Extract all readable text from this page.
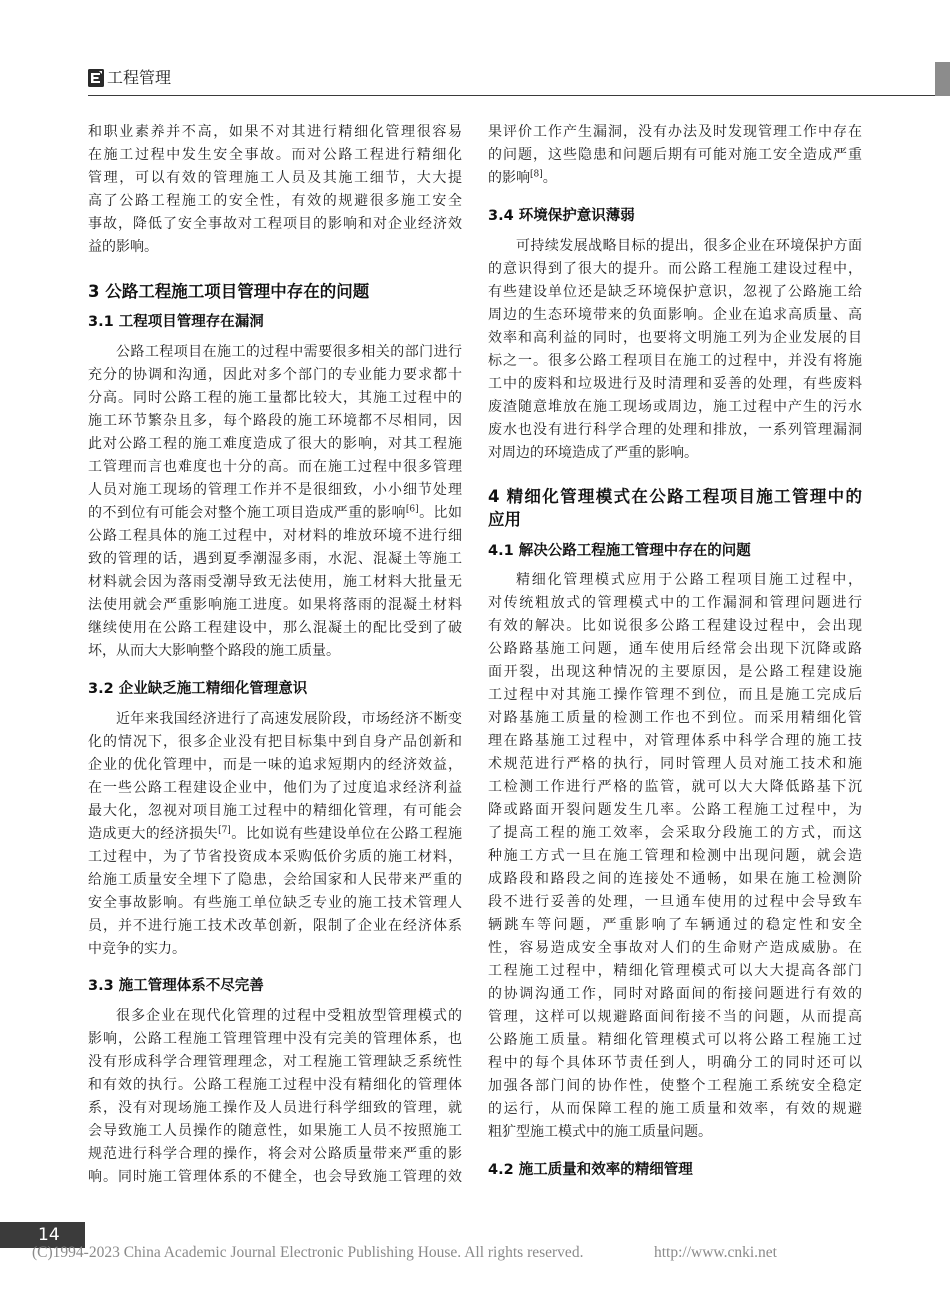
工程管理
和职业素养并不高，如果不对其进行精细化管理很容易
在施工过程中发生安全事故。而对公路工程进行精细化
管理，可以有效的管理施工人员及其施工细节，大大提
高了公路工程施工的安全性，有效的规避很多施工安全
事故，降低了安全事故对工程项目的影响和对企业经济效
益的影响。
3 公路工程施工项目管理中存在的问题
3.1 工程项目管理存在漏洞
公路工程项目在施工的过程中需要很多相关的部门进行
充分的协调和沟通，因此对多个部门的专业能力要求都十
分高。同时公路工程的施工量都比较大，其施工过程中的
施工环节繁杂且多，每个路段的施工环境都不尽相同，因
此对公路工程的施工难度造成了很大的影响，对其工程施
工管理而言也难度也十分的高。而在施工过程中很多管理
人员对施工现场的管理工作并不是很细致，小小细节处理
的不到位有可能会对整个施工项目造成严重的影响[6]。比如
公路工程具体的施工过程中，对材料的堆放环境不进行细
致的管理的话，遇到夏季潮湿多雨，水泥、混凝土等施工
材料就会因为落雨受潮导致无法使用，施工材料大批量无
法使用就会严重影响施工进度。如果将落雨的混凝土材料
继续使用在公路工程建设中，那么混凝土的配比受到了破
坏，从而大大影响整个路段的施工质量。
3.2 企业缺乏施工精细化管理意识
近年来我国经济进行了高速发展阶段，市场经济不断变
化的情况下，很多企业没有把目标集中到自身产品创新和
企业的优化管理中，而是一味的追求短期内的经济效益，
在一些公路工程建设企业中，他们为了过度追求经济利益
最大化，忽视对项目施工过程中的精细化管理，有可能会
造成更大的经济损失[7]。比如说有些建设单位在公路工程施
工过程中，为了节省投资成本采购低价劣质的施工材料，
给施工质量安全埋下了隐患，会给国家和人民带来严重的
安全事故影响。有些施工单位缺乏专业的施工技术管理人
员，并不进行施工技术改革创新，限制了企业在经济体系
中竞争的实力。
3.3 施工管理体系不尽完善
很多企业在现代化管理的过程中受粗放型管理模式的
影响，公路工程施工管理管理中没有完美的管理体系，也
没有形成科学合理管理理念，对工程施工管理缺乏系统性
和有效的执行。公路工程施工过程中没有精细化的管理体
系，没有对现场施工操作及人员进行科学细致的管理，就
会导致施工人员操作的随意性，如果施工人员不按照施工
规范进行科学合理的操作，将会对公路质量带来严重的影
响。同时施工管理体系的不健全，也会导致施工管理的效
果评价工作产生漏洞，没有办法及时发现管理工作中存在
的问题，这些隐患和问题后期有可能对施工安全造成严重
的影响[8]。
3.4 环境保护意识薄弱
可持续发展战略目标的提出，很多企业在环境保护方面
的意识得到了很大的提升。而公路工程施工建设过程中，
有些建设单位还是缺乏环境保护意识，忽视了公路施工给
周边的生态环境带来的负面影响。企业在追求高质量、高
效率和高利益的同时，也要将文明施工列为企业发展的目
标之一。很多公路工程项目在施工的过程中，并没有将施
工中的废料和垃圾进行及时清理和妥善的处理，有些废料
废渣随意堆放在施工现场或周边，施工过程中产生的污水
废水也没有进行科学合理的处理和排放，一系列管理漏洞
对周边的环境造成了严重的影响。
4 精细化管理模式在公路工程项目施工管理中的
应用
4.1 解决公路工程施工管理中存在的问题
精细化管理模式应用于公路工程项目施工过程中，
对传统粗放式的管理模式中的工作漏洞和管理问题进行
有效的解决。比如说很多公路工程建设过程中，会出现
公路路基施工问题，通车使用后经常会出现下沉降或路
面开裂，出现这种情况的主要原因，是公路工程建设施
工过程中对其施工操作管理不到位，而且是施工完成后
对路基施工质量的检测工作也不到位。而采用精细化管
理在路基施工过程中，对管理体系中科学合理的施工技
术规范进行严格的执行，同时管理人员对施工技术和施
工检测工作进行严格的监管，就可以大大降低路基下沉
降或路面开裂问题发生几率。公路工程施工过程中，为
了提高工程的施工效率，会采取分段施工的方式，而这
种施工方式一旦在施工管理和检测中出现问题，就会造
成路段和路段之间的连接处不通畅，如果在施工检测阶
段不进行妥善的处理，一旦通车使用的过程中会导致车
辆跳车等问题，严重影响了车辆通过的稳定性和安全
性，容易造成安全事故对人们的生命财产造成威胁。在
工程施工过程中，精细化管理模式可以大大提高各部门
的协调沟通工作，同时对路面间的衔接问题进行有效的
管理，这样可以规避路面间衔接不当的问题，从而提高
公路施工质量。精细化管理模式可以将公路工程施工过
程中的每个具体环节责任到人，明确分工的同时还可以
加强各部门间的协作性，使整个工程施工系统安全稳定
的运行，从而保障工程的施工质量和效率，有效的规避
粗犷型施工模式中的施工质量问题。
4.2 施工质量和效率的精细管理
14
(C)1994-2023 China Academic Journal Electronic Publishing House. All rights reserved.	http://www.cnki.net
